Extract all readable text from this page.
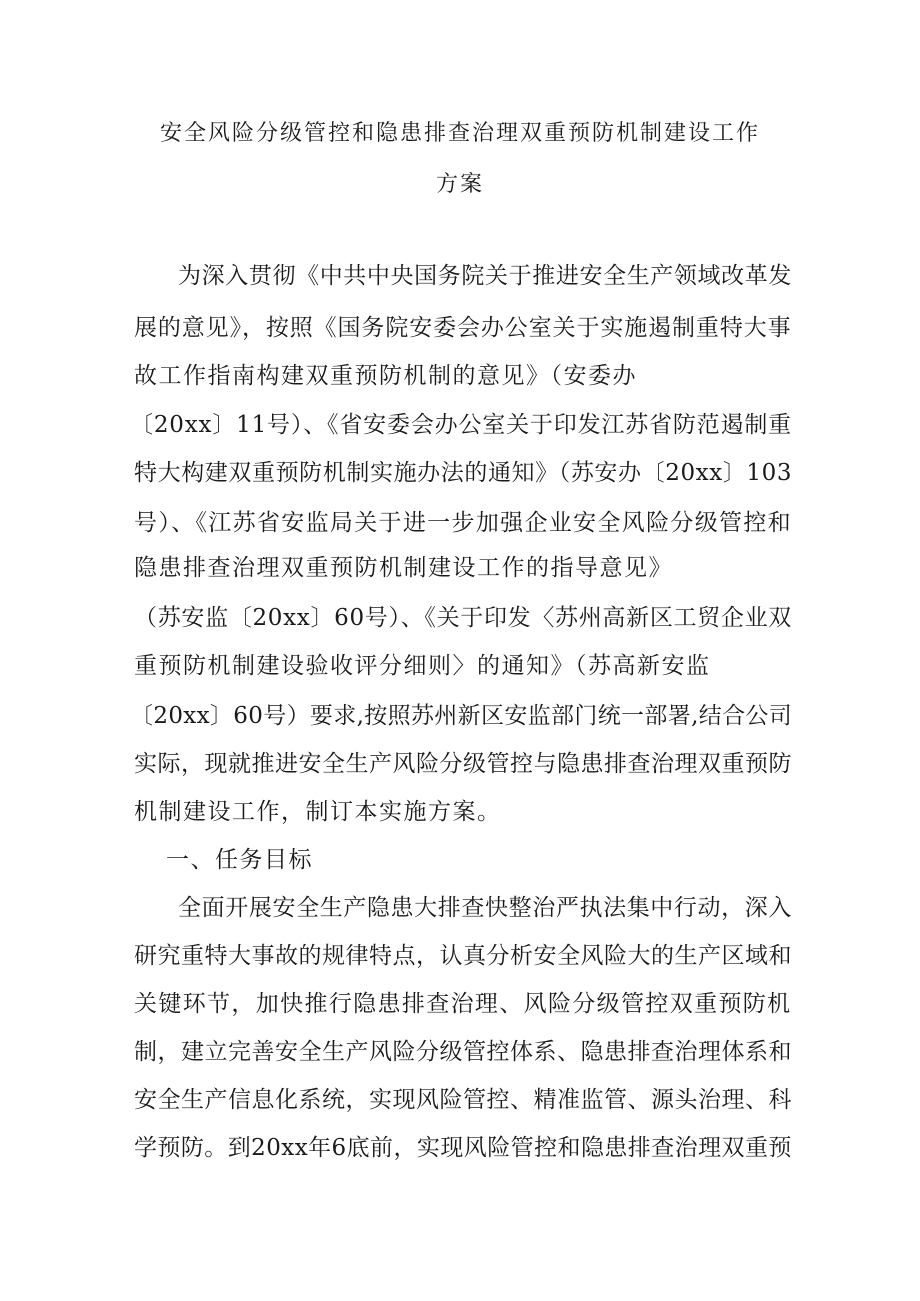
安全风险分级管控和隐患排查治理双重预防机制建设工作
方案
为深入贯彻《中共中央国务院关于推进安全生产领域改革发
展的意见》，按照《国务院安委会办公室关于实施遏制重特大事
故工作指南构建双重预防机制的意见》（安委办
〔20xx〕11号）、《省安委会办公室关于印发江苏省防范遏制重
特大构建双重预防机制实施办法的通知》（苏安办〔20xx〕103
号）、《江苏省安监局关于进一步加强企业安全风险分级管控和
隐患排查治理双重预防机制建设工作的指导意见》
（苏安监〔20xx〕60号）、《关于印发〈苏州高新区工贸企业双
重预防机制建设验收评分细则〉的通知》（苏高新安监
〔20xx〕60号）要求,按照苏州新区安监部门统一部署,结合公司
实际，现就推进安全生产风险分级管控与隐患排查治理双重预防
机制建设工作，制订本实施方案。
一、任务目标
全面开展安全生产隐患大排查快整治严执法集中行动，深入
研究重特大事故的规律特点，认真分析安全风险大的生产区域和
关键环节，加快推行隐患排查治理、风险分级管控双重预防机
制，建立完善安全生产风险分级管控体系、隐患排查治理体系和
安全生产信息化系统，实现风险管控、精准监管、源头治理、科
学预防。到20xx年6底前，实现风险管控和隐患排查治理双重预
